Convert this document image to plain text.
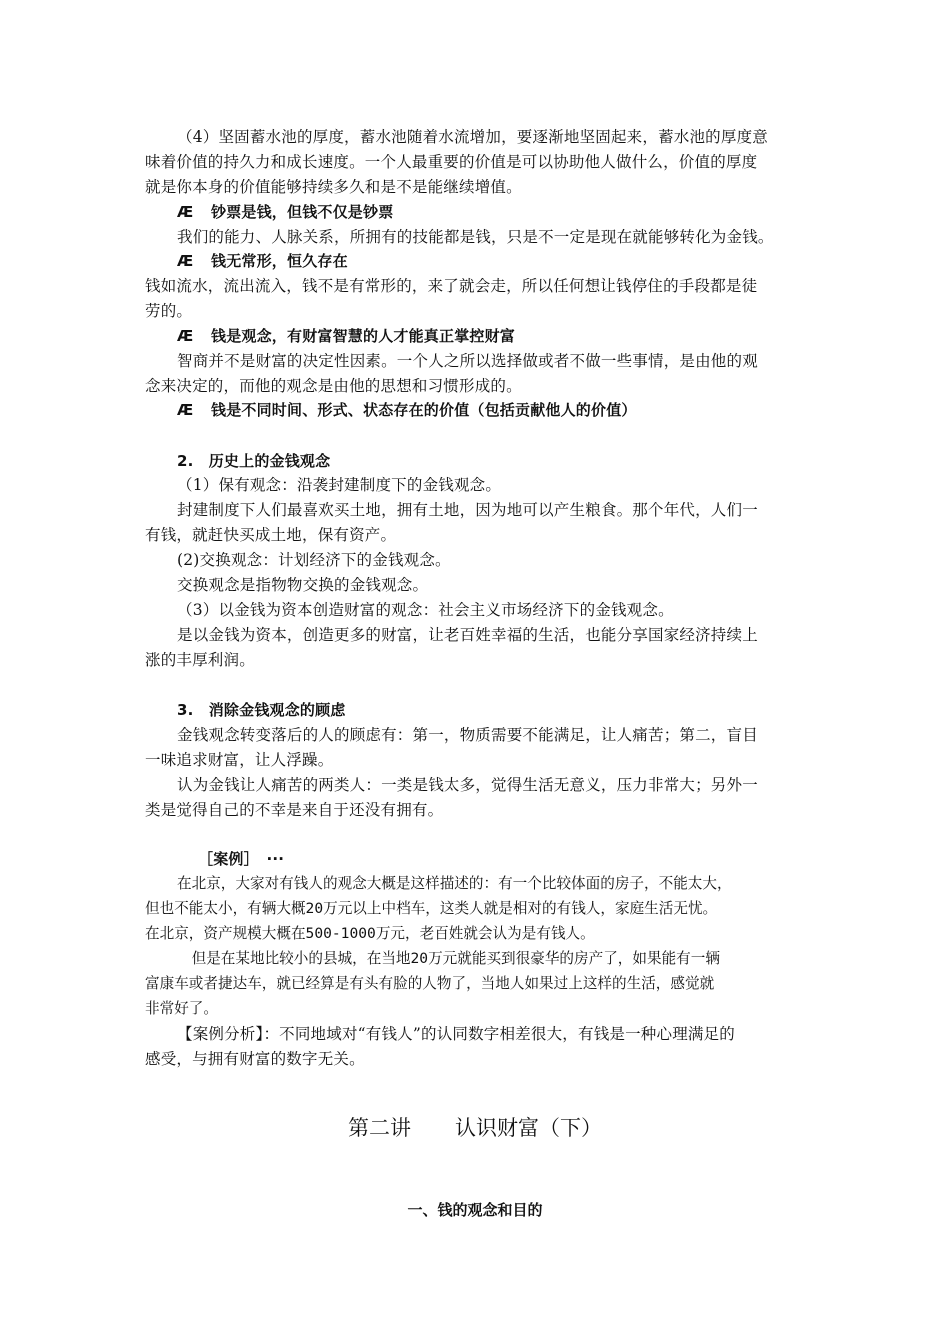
（4）坚固蓄水池的厚度，蓄水池随着水流增加，要逐渐地坚固起来，蓄水池的厚度意
味着价值的持久力和成长速度。一个人最重要的价值是可以协助他人做什么，价值的厚度
就是你本身的价值能够持续多久和是不是能继续增值。
Æ 钞票是钱，但钱不仅是钞票
我们的能力、人脉关系，所拥有的技能都是钱，只是不一定是现在就能够转化为金钱。
Æ 钱无常形，恒久存在
钱如流水，流出流入，钱不是有常形的，来了就会走，所以任何想让钱停住的手段都是徒
劳的。
Æ 钱是观念，有财富智慧的人才能真正掌控财富
智商并不是财富的决定性因素。一个人之所以选择做或者不做一些事情，是由他的观
念来决定的，而他的观念是由他的思想和习惯形成的。
Æ 钱是不同时间、形式、状态存在的价值（包括贡献他人的价值）
2.　历史上的金钱观念
（1）保有观念：沿袭封建制度下的金钱观念。
封建制度下人们最喜欢买土地，拥有土地，因为地可以产生粮食。那个年代，人们一
有钱，就赶快买成土地，保有资产。
(2)交换观念：计划经济下的金钱观念。
交换观念是指物物交换的金钱观念。
（3）以金钱为资本创造财富的观念：社会主义市场经济下的金钱观念。
是以金钱为资本，创造更多的财富，让老百姓幸福的生活，也能分享国家经济持续上
涨的丰厚利润。
3.　消除金钱观念的顾虑
金钱观念转变落后的人的顾虑有：第一，物质需要不能满足，让人痛苦；第二，盲目
一味追求财富，让人浮躁。
认为金钱让人痛苦的两类人：一类是钱太多，觉得生活无意义，压力非常大；另外一
类是觉得自己的不幸是来自于还没有拥有。
［案例］　···
在北京，大家对有钱人的观念大概是这样描述的：有一个比较体面的房子，不能太大，
但也不能太小，有辆大概20万元以上中档车，这类人就是相对的有钱人，家庭生活无忧。
在北京，资产规模大概在500-1000万元，老百姓就会认为是有钱人。
　但是在某地比较小的县城，在当地20万元就能买到很豪华的房产了，如果能有一辆
富康车或者捷达车，就已经算是有头有脸的人物了，当地人如果过上这样的生活，感觉就
非常好了。
【案例分析】：不同地域对“有钱人”的认同数字相差很大，有钱是一种心理满足的
感受，与拥有财富的数字无关。
第二讲 认识财富（下）
一、钱的观念和目的
